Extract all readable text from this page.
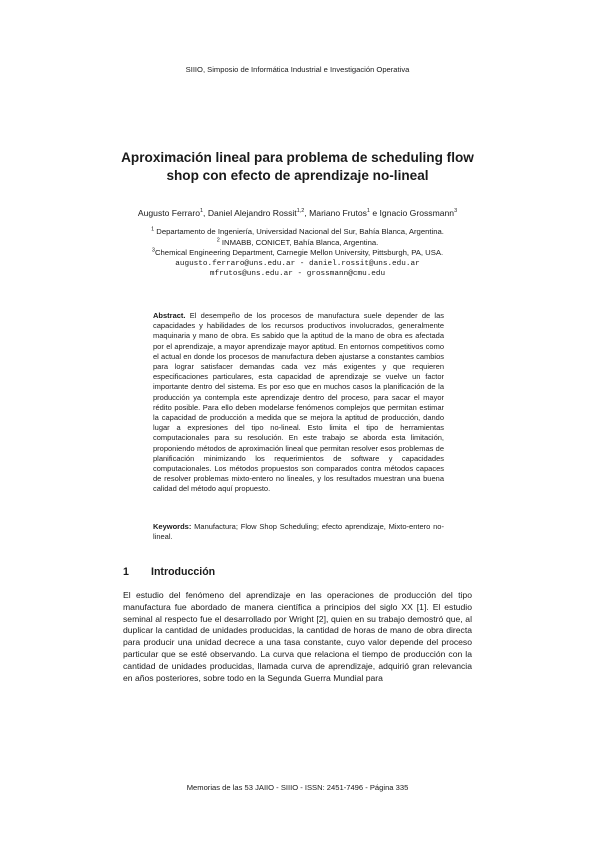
SIIIO, Simposio de Informática Industrial e Investigación Operativa
Aproximación lineal para problema de scheduling flow
shop con efecto de aprendizaje no-lineal
Augusto Ferraro$^1$, Daniel Alejandro Rossit$^{1,2}$, Mariano Frutos$^1$ e Ignacio Grossmann$^3$
$^1$ Departamento de Ingeniería, Universidad Nacional del Sur, Bahía Blanca, Argentina.
$^2$ INMABB, CONICET, Bahía Blanca, Argentina.
$^3$Chemical Engineering Department, Carnegie Mellon University, Pittsburgh, PA, USA.
augusto.ferraro@uns.edu.ar - daniel.rossit@uns.edu.ar
mfrutos@uns.edu.ar - grossmann@cmu.edu
Abstract. El desempeño de los procesos de manufactura suele depender de las capacidades y habilidades de los recursos productivos involucrados, generalmente maquinaria y mano de obra. Es sabido que la aptitud de la mano de obra es afectada por el aprendizaje, a mayor aprendizaje mayor aptitud. En entornos competitivos como el actual en donde los procesos de manufactura deben ajustarse a constantes cambios para lograr satisfacer demandas cada vez más exigentes y que requieren especificaciones particulares, esta capacidad de aprendizaje se vuelve un factor importante dentro del sistema. Es por eso que en muchos casos la planificación de la producción ya contempla este aprendizaje dentro del proceso, para sacar el mayor rédito posible. Para ello deben modelarse fenómenos complejos que permitan estimar la capacidad de producción a medida que se mejora la aptitud de producción, dando lugar a expresiones del tipo no-lineal. Esto limita el tipo de herramientas computacionales para su resolución. En este trabajo se aborda esta limitación, proponiendo métodos de aproximación lineal que permitan resolver esos problemas de planificación minimizando los requerimientos de software y capacidades computacionales. Los métodos propuestos son comparados contra métodos capaces de resolver problemas mixto-entero no lineales, y los resultados muestran una buena calidad del método aquí propuesto.
Keywords: Manufactura; Flow Shop Scheduling; efecto aprendizaje, Mixto-entero no-lineal.
1 Introducción
El estudio del fenómeno del aprendizaje en las operaciones de producción del tipo manufactura fue abordado de manera científica a principios del siglo XX [1]. El estudio seminal al respecto fue el desarrollado por Wright [2], quien en su trabajo demostró que, al duplicar la cantidad de unidades producidas, la cantidad de horas de mano de obra directa para producir una unidad decrece a una tasa constante, cuyo valor depende del proceso particular que se esté observando. La curva que relaciona el tiempo de producción con la cantidad de unidades producidas, llamada curva de aprendizaje, adquirió gran relevancia en años posteriores, sobre todo en la Segunda Guerra Mundial para
Memorias de las 53 JAIIO - SIIIO - ISSN: 2451-7496 - Página 335
